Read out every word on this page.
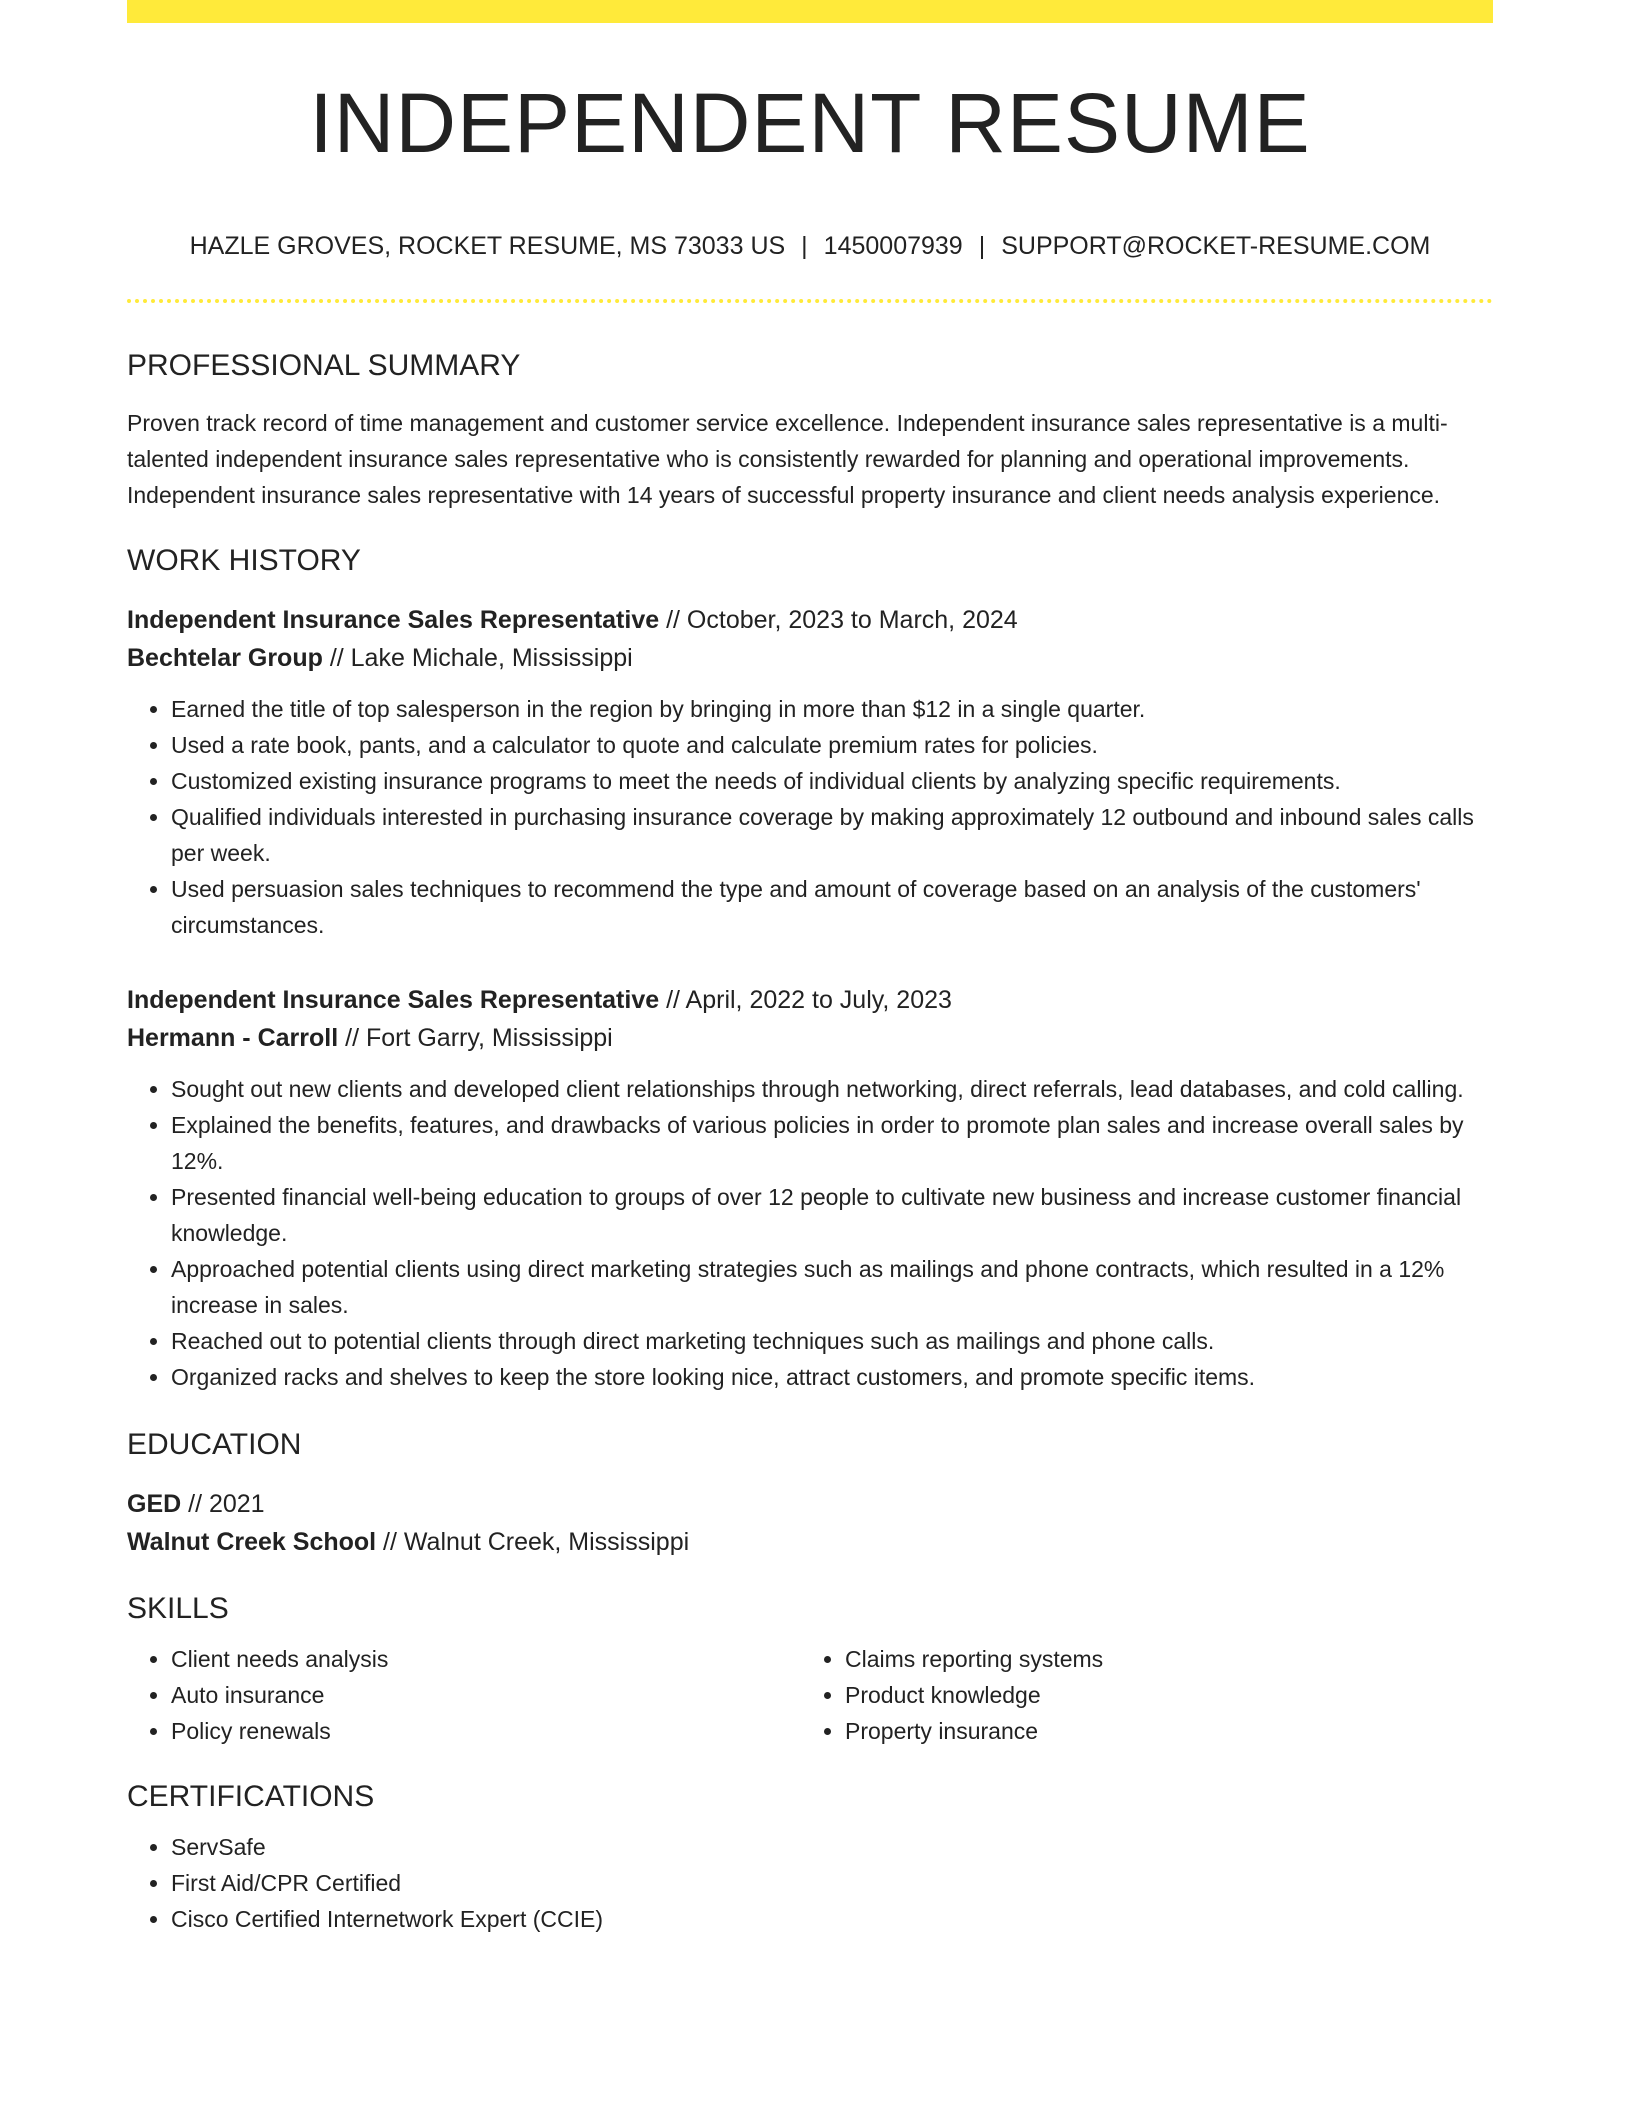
INDEPENDENT RESUME
HAZLE GROVES, ROCKET RESUME, MS 73033 US | 1450007939 | SUPPORT@ROCKET-RESUME.COM
PROFESSIONAL SUMMARY
Proven track record of time management and customer service excellence. Independent insurance sales representative is a multi-talented independent insurance sales representative who is consistently rewarded for planning and operational improvements. Independent insurance sales representative with 14 years of successful property insurance and client needs analysis experience.
WORK HISTORY
Independent Insurance Sales Representative // October, 2023 to March, 2024
Bechtelar Group // Lake Michale, Mississippi
• Earned the title of top salesperson in the region by bringing in more than $12 in a single quarter.
• Used a rate book, pants, and a calculator to quote and calculate premium rates for policies.
• Customized existing insurance programs to meet the needs of individual clients by analyzing specific requirements.
• Qualified individuals interested in purchasing insurance coverage by making approximately 12 outbound and inbound sales calls per week.
• Used persuasion sales techniques to recommend the type and amount of coverage based on an analysis of the customers' circumstances.
Independent Insurance Sales Representative // April, 2022 to July, 2023
Hermann - Carroll // Fort Garry, Mississippi
• Sought out new clients and developed client relationships through networking, direct referrals, lead databases, and cold calling.
• Explained the benefits, features, and drawbacks of various policies in order to promote plan sales and increase overall sales by 12%.
• Presented financial well-being education to groups of over 12 people to cultivate new business and increase customer financial knowledge.
• Approached potential clients using direct marketing strategies such as mailings and phone contracts, which resulted in a 12% increase in sales.
• Reached out to potential clients through direct marketing techniques such as mailings and phone calls.
• Organized racks and shelves to keep the store looking nice, attract customers, and promote specific items.
EDUCATION
GED // 2021
Walnut Creek School // Walnut Creek, Mississippi
SKILLS
• Client needs analysis
• Auto insurance
• Policy renewals
• Claims reporting systems
• Product knowledge
• Property insurance
CERTIFICATIONS
• ServSafe
• First Aid/CPR Certified
• Cisco Certified Internetwork Expert (CCIE)
